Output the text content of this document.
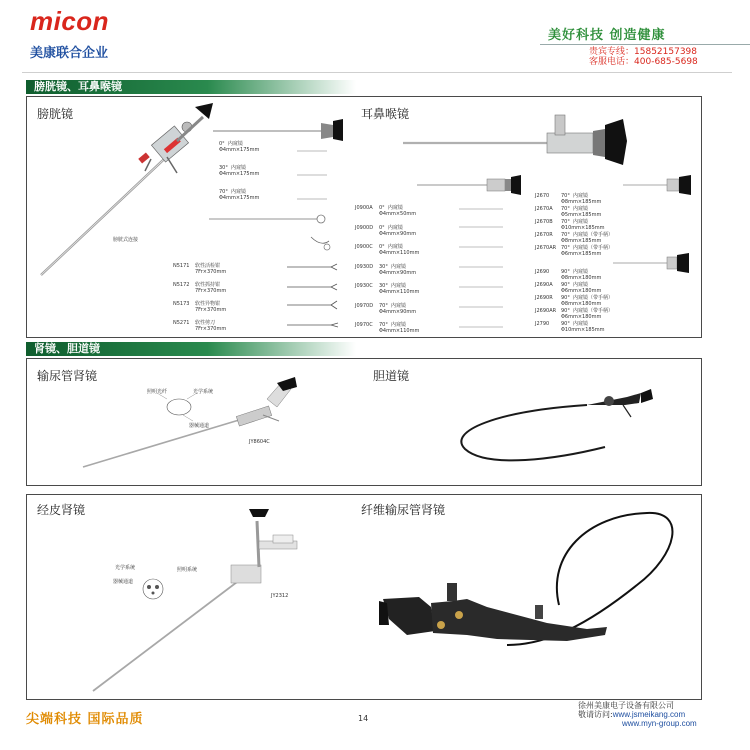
micon
美康联合企业
美好科技 创造健康
贵宾专线：15852157398
客服电话：400-685-5698
膀胱镜、耳鼻喉镜
膀胱镜	耳鼻喉镜
膀胱式连接
0°  内窥镜
Φ4mm×175mm
30°  内窥镜
Φ4mm×175mm
70°  内窥镜
Φ4mm×175mm
N5171	软性活检钳
7Fr×370mm
N5172	软性抓持钳
7Fr×370mm
N5173	软性异物钳
7Fr×370mm
N5271	软性剪刀
7Fr×370mm
J0900A	0°  内窥镜
Φ4mm×50mm
J0900D	0°  内窥镜
Φ4mm×90mm
J0900C	0°  内窥镜
Φ4mm×110mm
J0930D	30°  内窥镜
Φ4mm×90mm
J0930C	30°  内窥镜
Φ4mm×110mm
J0970D	70°  内窥镜
Φ4mm×90mm
J0970C	70°  内窥镜
Φ4mm×110mm
J2670	70°  内窥镜
Φ8mm×185mm
J2670A	70°  内窥镜
Φ5mm×185mm
J2670B	70°  内窥镜
Φ10mm×185mm
J2670R	70°  内窥镜（带手柄）
Φ8mm×185mm
J2670AR 70°  内窥镜（带手柄）
Φ6mm×185mm
J2690	90°  内窥镜
Φ8mm×180mm
J2690A	90°  内窥镜
Φ6mm×180mm
J2690R	90°  内窥镜（带手柄）
Φ8mm×180mm
J2690AR 90°  内窥镜（带手柄）
Φ6mm×180mm
J2790	90°  内窥镜
Φ10mm×185mm
肾镜、胆道镜
输尿管肾镜	胆道镜
照明光纤	光学系统
器械通道
JY8604C
经皮肾镜	纤维输尿管肾镜
光学系统	照明系统
器械通道
JY2312
尖端科技 国际品质	14
徐州美康电子设备有限公司
敬请访问:www.jsmeikang.com
www.myn-group.com
